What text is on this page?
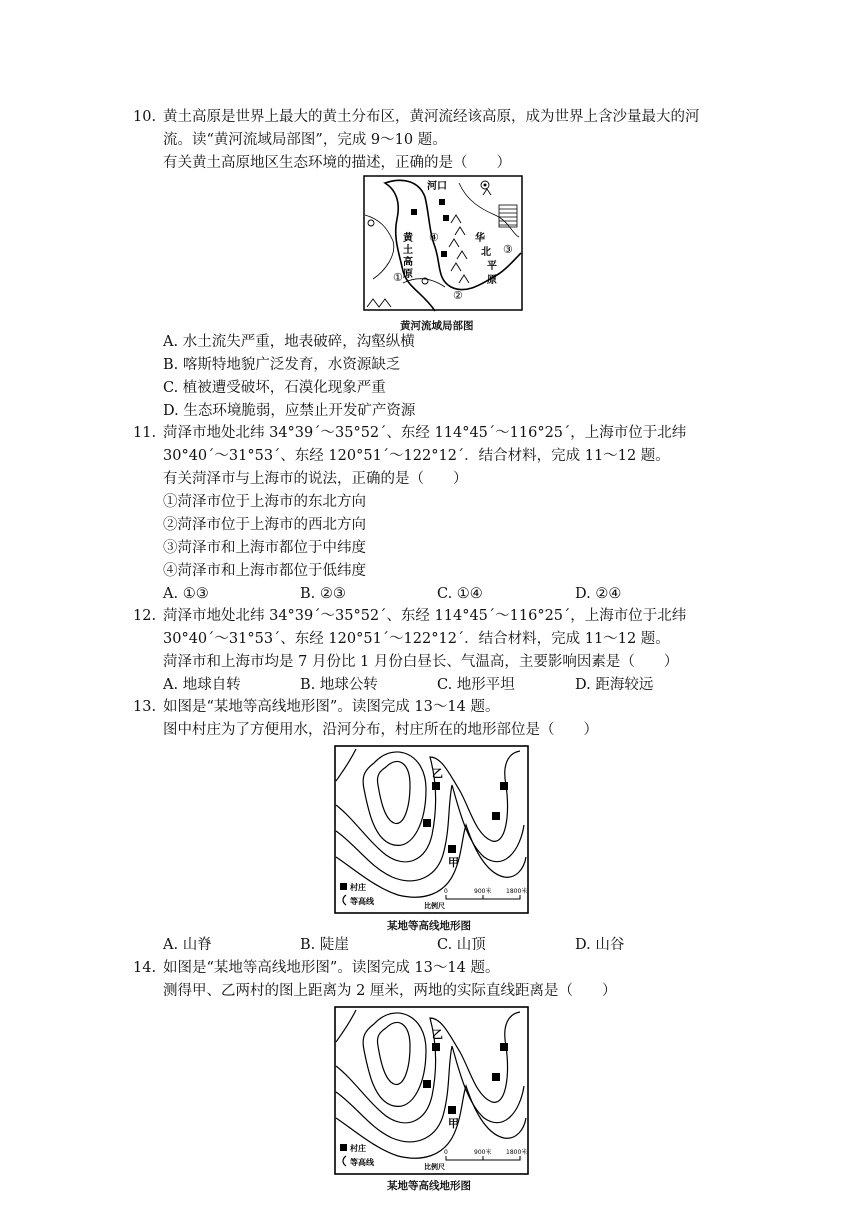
10. 黄土高原是世界上最大的黄土分布区，黄河流经该高原，成为世界上含沙量最大的河
流。读“黄河流域局部图”，完成 9～10 题。
有关黄土高原地区生态环境的描述，正确的是（　　）
河口
黄
土
高
原
华
北
平
原
①
②
③
④
黄河流域局部图
A. 水土流失严重，地表破碎，沟壑纵横
B. 喀斯特地貌广泛发育，水资源缺乏
C. 植被遭受破坏，石漠化现象严重
D. 生态环境脆弱，应禁止开发矿产资源
11. 菏泽市地处北纬 34°39´～35°52´、东经 114°45´～116°25´，上海市位于北纬
30°40´～31°53´、东经 120°51´～122°12´．结合材料，完成 11～12 题。
有关菏泽市与上海市的说法，正确的是（　　）
①菏泽市位于上海市的东北方向
②菏泽市位于上海市的西北方向
③菏泽市和上海市都位于中纬度
④菏泽市和上海市都位于低纬度
A. ①③	B. ②③	C. ①④	D. ②④
12. 菏泽市地处北纬 34°39´～35°52´、东经 114°45´～116°25´，上海市位于北纬
30°40´～31°53´、东经 120°51´～122°12´．结合材料，完成 11～12 题。
菏泽市和上海市均是 7 月份比 1 月份白昼长、气温高，主要影响因素是（　　）
A. 地球自转	B. 地球公转	C. 地形平坦	D. 距海较远
13. 如图是“某地等高线地形图”。读图完成 13～14 题。
图中村庄为了方便用水，沿河分布，村庄所在的地形部位是（　　）
乙
甲
村庄
等高线
0	900米 1800米
比例尺
某地等高线地形图
A. 山脊	B. 陡崖	C. 山顶	D. 山谷
14. 如图是“某地等高线地形图”。读图完成 13～14 题。
测得甲、乙两村的图上距离为 2 厘米，两地的实际直线距离是（　　）
乙
甲
村庄
等高线
0	900米 1800米
比例尺
某地等高线地形图
